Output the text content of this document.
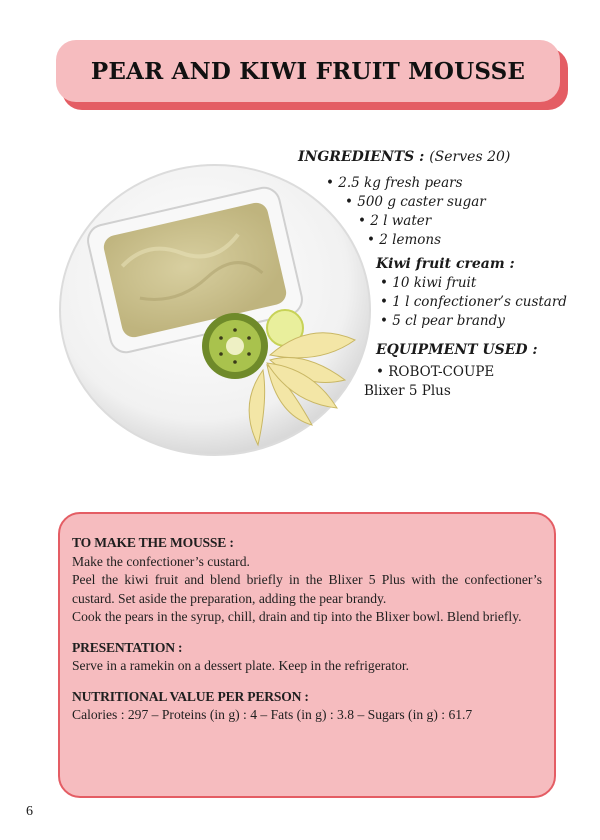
PEAR AND KIWI FRUIT MOUSSE
INGREDIENTS : (Serves 20)
• 2.5 kg fresh pears
• 500 g caster sugar
• 2 l water
• 2 lemons
Kiwi fruit cream :
• 10 kiwi fruit
• 1 l confectioner’s custard
• 5 cl pear brandy
EQUIPMENT USED :
• ROBOT-COUPE
Blixer 5 Plus

TO MAKE THE MOUSSE :

Make the confectioner’s custard.

Peel the kiwi fruit and blend briefly in the Blixer 5 Plus with the confectioner’s custard. Set aside the preparation, adding the pear brandy.

Cook the pears in the syrup, chill, drain and tip into the Blixer bowl. Blend briefly.

PRESENTATION :

Serve in a ramekin on a dessert plate. Keep in the refrigerator.

NUTRITIONAL VALUE PER PERSON :

Calories : 297 – Proteins (in g) : 4 – Fats (in g) : 3.8 – Sugars (in g) : 61.7

6
